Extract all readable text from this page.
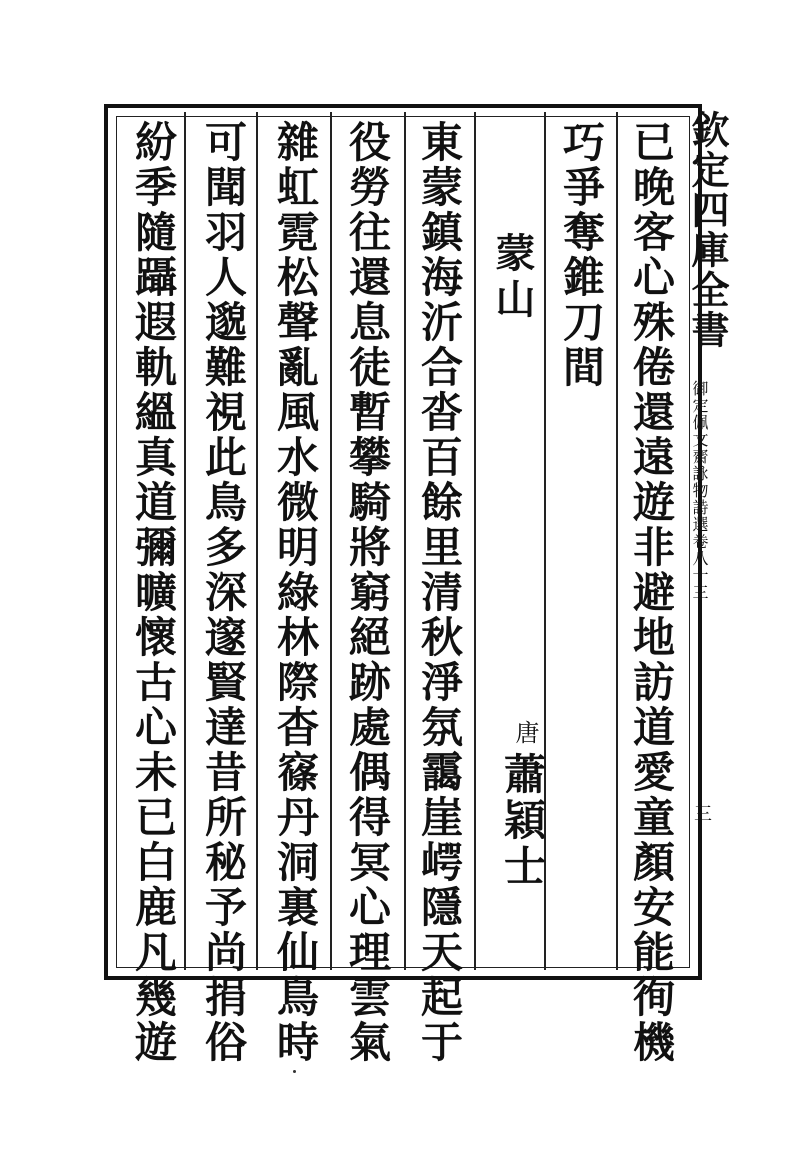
欽定四庫全書
御定佩文齋詠物詩選卷八十三
三
已晚客心殊倦還遠遊非避地訪道愛童顏安能徇機
巧爭奪錐刀間
蒙山
唐
蕭穎士
東蒙鎮海沂合沓百餘里清秋淨氛靄崖崿隱天起于
役勞往還息徒暫攀騎將窮絕跡處偶得冥心理雲氣
雜虹霓松聲亂風水微明綠林際杳窱丹洞裏仙鳥時
可聞羽人邈難視此鳥多深邃賢達昔所秘予尚捐俗
紛季隨躡遐軌縕真道彌曠懷古心未已白鹿凡幾遊
